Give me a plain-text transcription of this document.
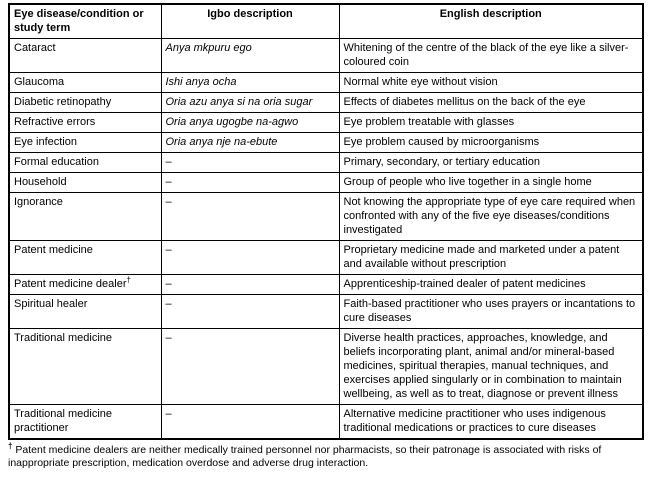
Eye disease/condition or study term	Igbo description	English description
Cataract	Anya mkpuru ego	Whitening of the centre of the black of the eye like a silver-coloured coin
Glaucoma	Ishi anya ocha	Normal white eye without vision
Diabetic retinopathy	Oria azu anya si na oria sugar	Effects of diabetes mellitus on the back of the eye
Refractive errors	Oria anya ugogbe na-agwo	Eye problem treatable with glasses
Eye infection	Oria anya nje na-ebute	Eye problem caused by microorganisms
Formal education	–	Primary, secondary, or tertiary education
Household	–	Group of people who live together in a single home
Ignorance	–	Not knowing the appropriate type of eye care required when confronted with any of the five eye diseases/conditions investigated
Patent medicine	–	Proprietary medicine made and marketed under a patent and available without prescription
Patent medicine dealer†	–	Apprenticeship-trained dealer of patent medicines
Spiritual healer	–	Faith-based practitioner who uses prayers or incantations to cure diseases
Traditional medicine	–	Diverse health practices, approaches, knowledge, and beliefs incorporating plant, animal and/or mineral-based medicines, spiritual therapies, manual techniques, and exercises applied singularly or in combination to maintain wellbeing, as well as to treat, diagnose or prevent illness
Traditional medicine practitioner	–	Alternative medicine practitioner who uses indigenous traditional medications or practices to cure diseases
† Patent medicine dealers are neither medically trained personnel nor pharmacists, so their patronage is associated with risks of inappropriate prescription, medication overdose and adverse drug interaction.
